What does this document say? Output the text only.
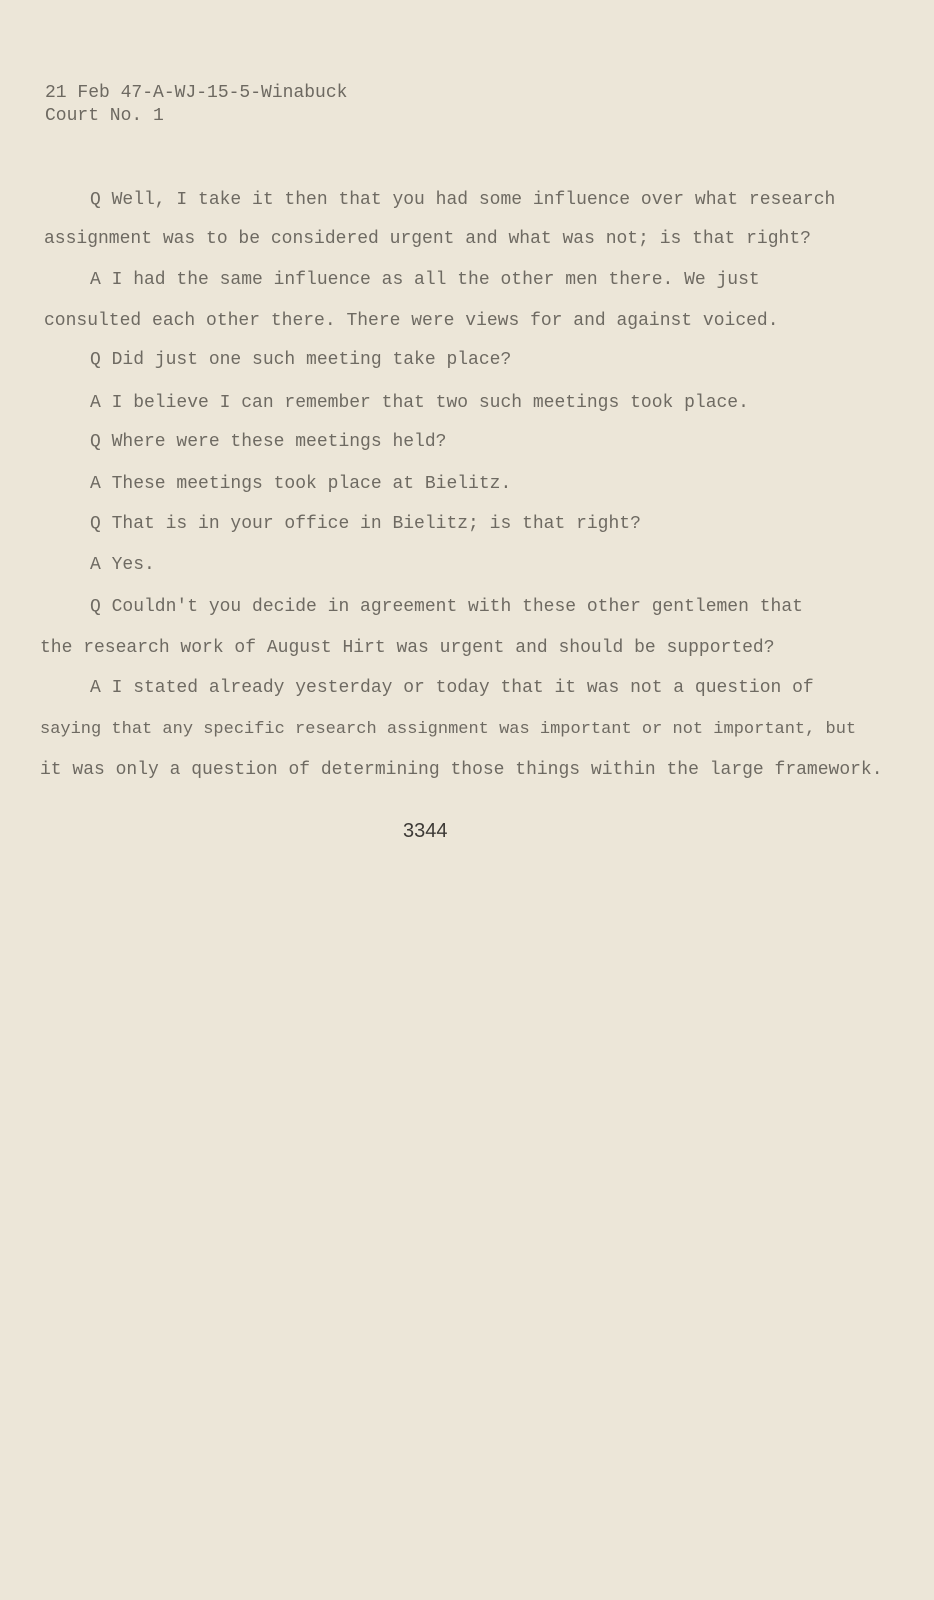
21 Feb 47-A-WJ-15-5-Winabuck
Court No. 1
Q Well, I take it then that you had some influence over what research
assignment was to be considered urgent and what was not; is that right?
A I had the same influence as all the other men there. We just
consulted each other there. There were views for and against voiced.
Q Did just one such meeting take place?
A I believe I can remember that two such meetings took place.
Q Where were these meetings held?
A These meetings took place at Bielitz.
Q That is in your office in Bielitz; is that right?
A Yes.
Q Couldn't you decide in agreement with these other gentlemen that
the research work of August Hirt was urgent and should be supported?
A I stated already yesterday or today that it was not a question of
saying that any specific research assignment was important or not important, but
it was only a question of determining those things within the large framework.
3344
